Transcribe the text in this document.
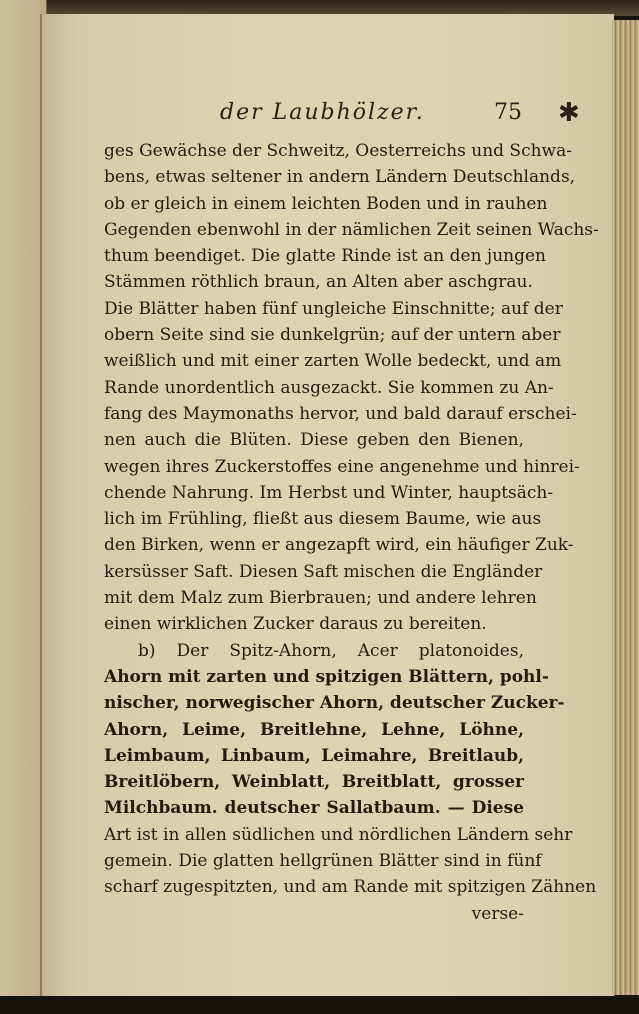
der Laubhölzer.	75 ✱
ges Gewächse der Schweitz, Oesterreichs und Schwa-
bens, etwas seltener in andern Ländern Deutschlands,
ob er gleich in einem leichten Boden und in rauhen
Gegenden ebenwohl in der nämlichen Zeit seinen Wachs-
thum beendiget. Die glatte Rinde ist an den jungen
Stämmen röthlich braun, an Alten aber aschgrau.
Die Blätter haben fünf ungleiche Einschnitte; auf der
obern Seite sind sie dunkelgrün; auf der untern aber
weißlich und mit einer zarten Wolle bedeckt, und am
Rande unordentlich ausgezackt. Sie kommen zu An-
fang des Maymonaths hervor, und bald darauf erschei-
nen auch die Blüten. Diese geben den Bienen,
wegen ihres Zuckerstoffes eine angenehme und hinrei-
chende Nahrung. Im Herbst und Winter, hauptsäch-
lich im Frühling, fließt aus diesem Baume, wie aus
den Birken, wenn er angezapft wird, ein häufiger Zuk-
kersüsser Saft. Diesen Saft mischen die Engländer
mit dem Malz zum Bierbrauen; und andere lehren
einen wirklichen Zucker daraus zu bereiten.
b) Der Spitz-Ahorn, Acer platonoides,
Ahorn mit zarten und spitzigen Blättern, pohl-
nischer, norwegischer Ahorn, deutscher Zucker-
Ahorn, Leime, Breitlehne, Lehne, Löhne,
Leimbaum, Linbaum, Leimahre, Breitlaub,
Breitlöbern, Weinblatt, Breitblatt, grosser
Milchbaum. deutscher Sallatbaum. — Diese
Art ist in allen südlichen und nördlichen Ländern sehr
gemein. Die glatten hellgrünen Blätter sind in fünf
scharf zugespitzten, und am Rande mit spitzigen Zähnen
verse-
